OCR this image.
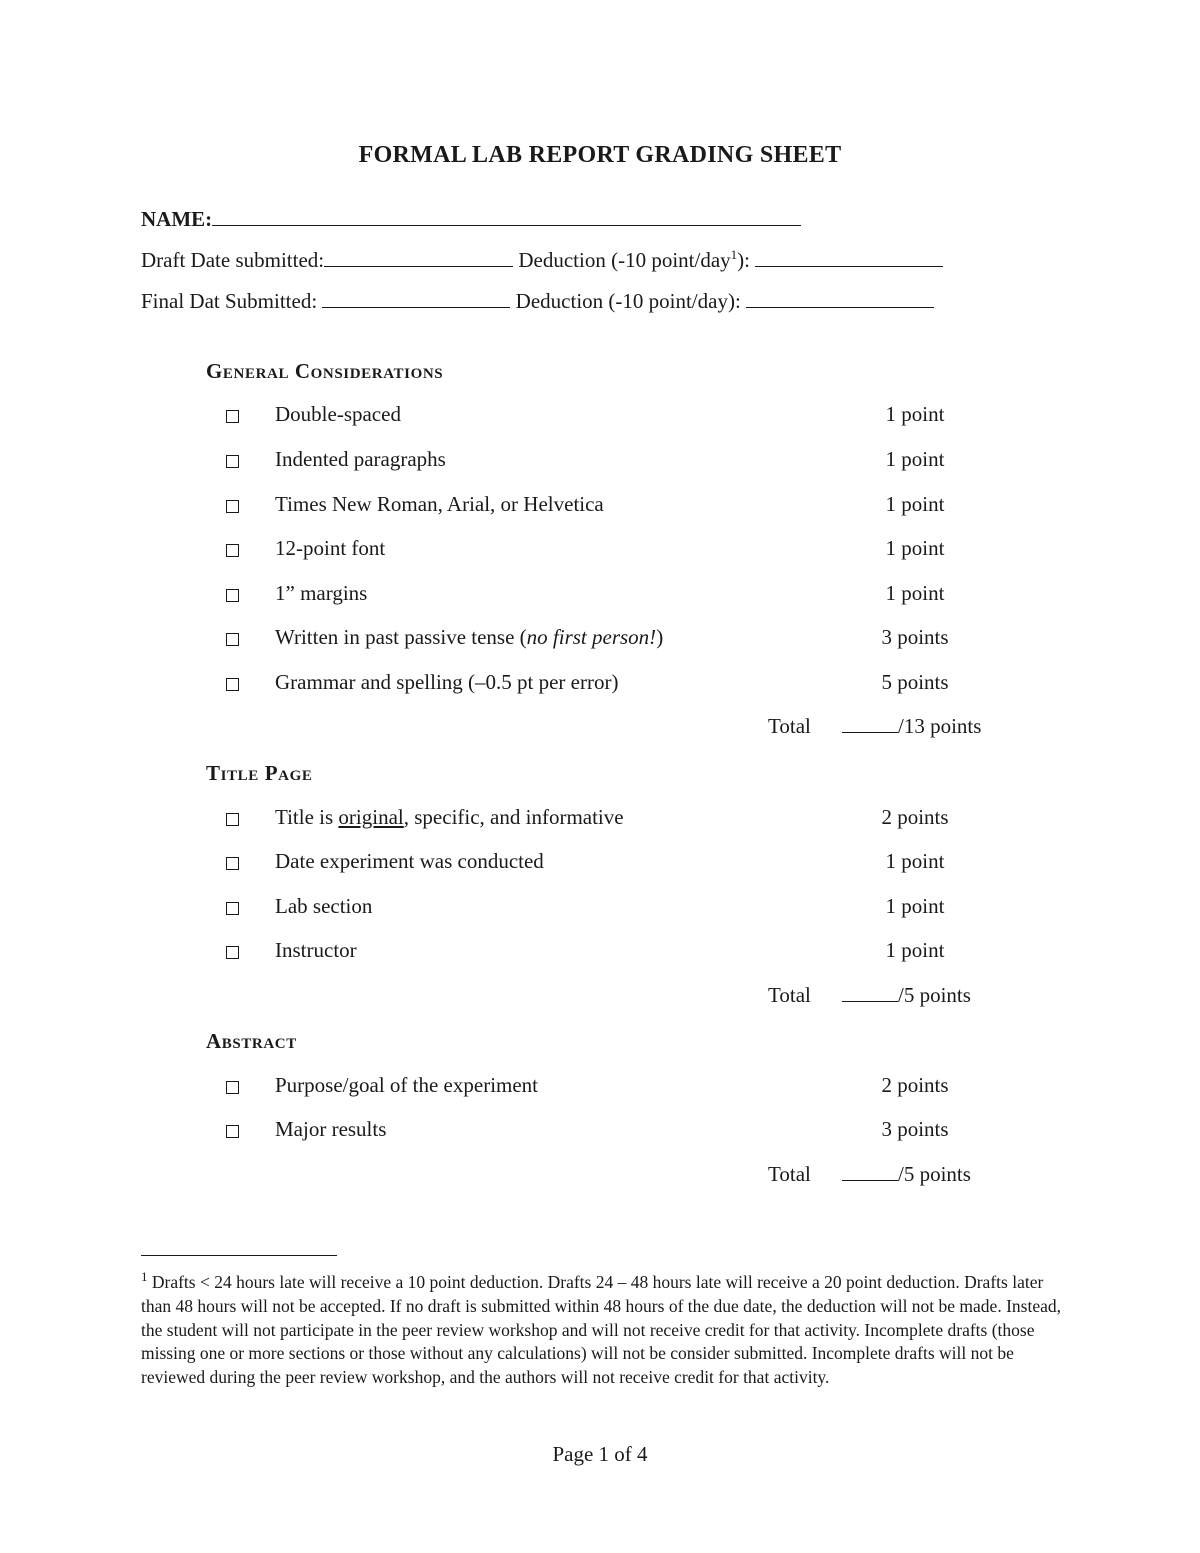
FORMAL LAB REPORT GRADING SHEET
NAME:
Draft Date submitted:	Deduction (-10 point/day$^1$):
Final Dat Submitted:	Deduction (-10 point/day):
General Considerations
Double-spaced	1 point
Indented paragraphs	1 point
Times New Roman, Arial, or Helvetica	1 point
12-point font	1 point
1” margins	1 point
Written in past passive tense (no first person!)	3 points
Grammar and spelling (–0.5 pt per error)	5 points
Total	/13 points
Title Page
Title is original, specific, and informative	2 points
Date experiment was conducted	1 point
Lab section	1 point
Instructor	1 point
Total	/5 points
Abstract
Purpose/goal of the experiment	2 points
Major results	3 points
Total	/5 points
$^1$ Drafts < 24 hours late will receive a 10 point deduction. Drafts 24 – 48 hours late will receive a 20 point deduction. Drafts later than 48 hours will not be accepted. If no draft is submitted within 48 hours of the due date, the deduction will not be made. Instead, the student will not participate in the peer review workshop and will not receive credit for that activity. Incomplete drafts (those missing one or more sections or those without any calculations) will not be consider submitted. Incomplete drafts will not be reviewed during the peer review workshop, and the authors will not receive credit for that activity.
Page 1 of 4
